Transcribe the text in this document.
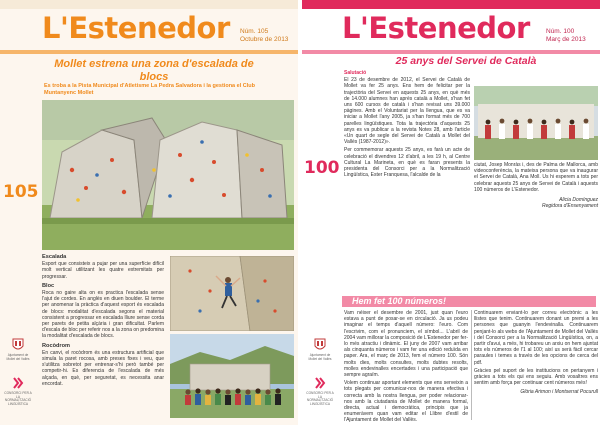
L'Estenedor Núm. 105
Octubre de 2013
Mollet estrena una zona d'escalada de blocs
Es troba a la Pista Municipal d'Atletisme La Pedra Salvadora i la gestiona el Club Muntanyenc Mollet
105
Escalada

Esport que consisteix a pujar per una superfície difícil molt vertical utilitzant les quatre extremitats per progressar.

Bloc

Roca no gaire alta on es practica l'escalada sense l'ajut de cordes. En anglès en diuen boulder. El terme per anomenar la pràctica d'aquest esport és escalada de blocs: modalitat d'escalada segons el material consistent a progressar en escalada lliure sense corda per parets de petita alçària i gran dificultat. Parlem d'escala de bloc per referir nos a la zona on predomina la modalitat d'escalada de blocs.

Rocòdrom

En canvi, el rocòdrom és una estructura artificial que simula la paret rocosa, amb preses fixes i veu, que s'utilitza sobretot per entrenar-s'hi però també per competir-hi. Es diferencia de l'escalada de més alçada, en què, per seguretat, es necessita anar encordat.

Ajuntament de
Mollet del Vallès
CONSORCI PER A
LA NORMALITZACIÓ LINGÜÍSTICA
L'Estenedor Núm. 100
Març de 2013
25 anys del Servei de Català
100
Salutació

El 23 de desembre de 2012, el Servei de Català de Mollet va fer 25 anys. Ens hem de felicitar per la trajectòria del Servei en aquests 25 anys, en què més de 14.000 alumnes han après català a Mollet, s'han fet uns 600 cursos de català i s'han revisat uns 39.000 pàgines. Amb el Voluntariat per la llengua, que es va iniciar a Mollet l'any 2005, ja s'han format més de 700 parelles lingüístiques. Tota la trajectòria d'aquests 25 anys es va publicar a la revista Notes 28, amb l'article «Un quart de segle del Servei de Català a Mollet del Vallès (1987-2012)».

Per commemorar aquests 25 anys, es farà un acte de celebració el divendres 12 d'abril, a les 19 h, al Centre Cultural La Marineta, en què es faran presents la presidenta del Consorci per a la Normalització Lingüística, Ester Franquesa, l'alcalde de la

ciutat, Josep Monràs i, des de Palma de Mallorca, amb videoconferència, la mateixa persona que va inaugurar el Servei de Català, Ana Moll. Us hi esperem a tots per celebrar aquests 25 anys de Servei de Català i aquests 100 números de L'Estenedor.

Alicia Domínguez
Regidora d'Ensenyament
Hem fet 100 números!

Vam néixer el desembre de 2001, just quan l'euro estava a punt de posar-se en circulació. Ja us podeu imaginar el temps d'aquell número: l'euro. Com l'escrivim, com el pronunciem, el símbol... L'abril de 2004 vam millorar la composició de L'Estenedor per fer-lo més atractiu i dinàmic. El juny de 2007 vam arribar als cinquanta números i vam fer una edició reduïda en paper. Ara, el març de 2013, fem el número 100. Són molts dies, molts consultes, molts dubtes resolts, molles endevinalles encertades i una participació que sempre agraïm.

Volem continuar aportant elements que ens serveixin a tots plegats per comunicar-nos de manera efectiva i correcta amb la nostra llengua, per poder relacionar-nos amb la ciutadania de Mollet de manera formal, directa, actual i democràtica, principis que ja enumeràvem quan vam editar el Llibre d'estil de l'Ajuntament de Mollet del Vallès.

Continuarem enviant-lo per correu electrònic a les llistes que tenim. Continuarem donant un premi a les persones que guanyin l'endevinalla. Continuarem penjant-lo als webs de l'Ajuntament de Mollet del Vallès i del Consorci per a la Normalització Lingüística, on, a partir d'avui, a més, hi trobareu un arxiu on hem ajuntat tots els números de l'1 al 100; així us serà fàcil cercar paraules i temes a través de les opcions de cerca del pdf.

Gràcies pel suport de les institucions on pertanyem i gràcies a tots els qui ens seguiu. Amb vosaltres ens sentim amb força per continuar cent números més!

Glòria Arimon i Montserrat Pocurull
Ajuntament de
Mollet del Vallès
CONSORCI PER A
LA NORMALITZACIÓ LINGÜÍSTICA
